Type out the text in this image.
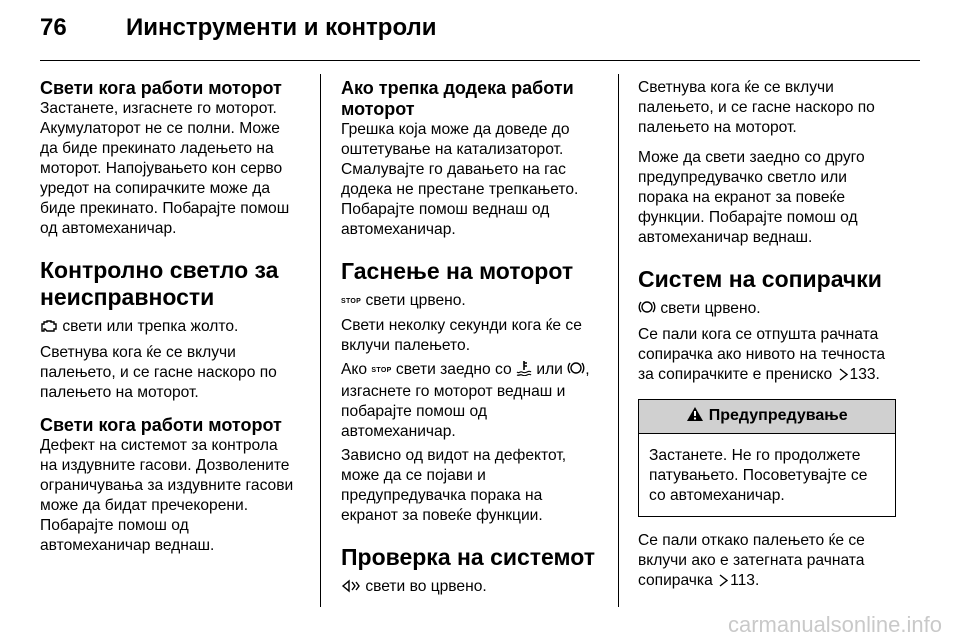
76	Иинструменти и контроли
Свети кога работи моторот
Застанете, изгаснете го моторот. Акумулаторот не се полни. Може да биде прекинато ладењето на моторот. Напојувањето кон серво уредот на сопирачките може да биде прекинато. Побарајте помош од автомеханичар.
Контролно светло за неисправности
свети или трепка жолто.
Светнува кога ќе се вклучи палењето, и се гасне наскоро по палењето на моторот.
Свети кога работи моторот
Дефект на системот за контрола на издувните гасови. Дозволените ограничувања за издувните гасови може да бидат пречекорени. Побарајте помош од автомеханичар веднаш.
Ако трепка додека работи моторот
Грешка која може да доведе до оштетување на катализаторот. Смалувајте го давањето на гас додека не престане трепкањето. Побарајте помош веднаш од автомеханичар.
Гаснење на моторот
STOP свети црвено.
Свети неколку секунди кога ќе се вклучи палењето.
Ако STOP свети заедно со или , изгаснете го моторот веднаш и побарајте помош од автомеханичар.
Зависно од видот на дефектот, може да се појави и предупредувачка порака на екранот за повеќе функции.
Проверка на системот
свети во црвено.
Светнува кога ќе се вклучи палењето, и се гасне наскоро по палењето на моторот.
Може да свети заедно со друго предупредувачко светло или порака на екранот за повеќе функции. Побарајте помош од автомеханичар веднаш.
Систем на сопирачки
свети црвено.
Се пали кога се отпушта рачната сопирачка ако нивото на течноста за сопирачките е прениско 133.
Предупредување
Застанете. Не го продолжете патувањето. Посоветувајте се со автомеханичар.
Се пали откако палењето ќе се вклучи ако е затегната рачната сопирачка 113.
carmanualsonline.info
